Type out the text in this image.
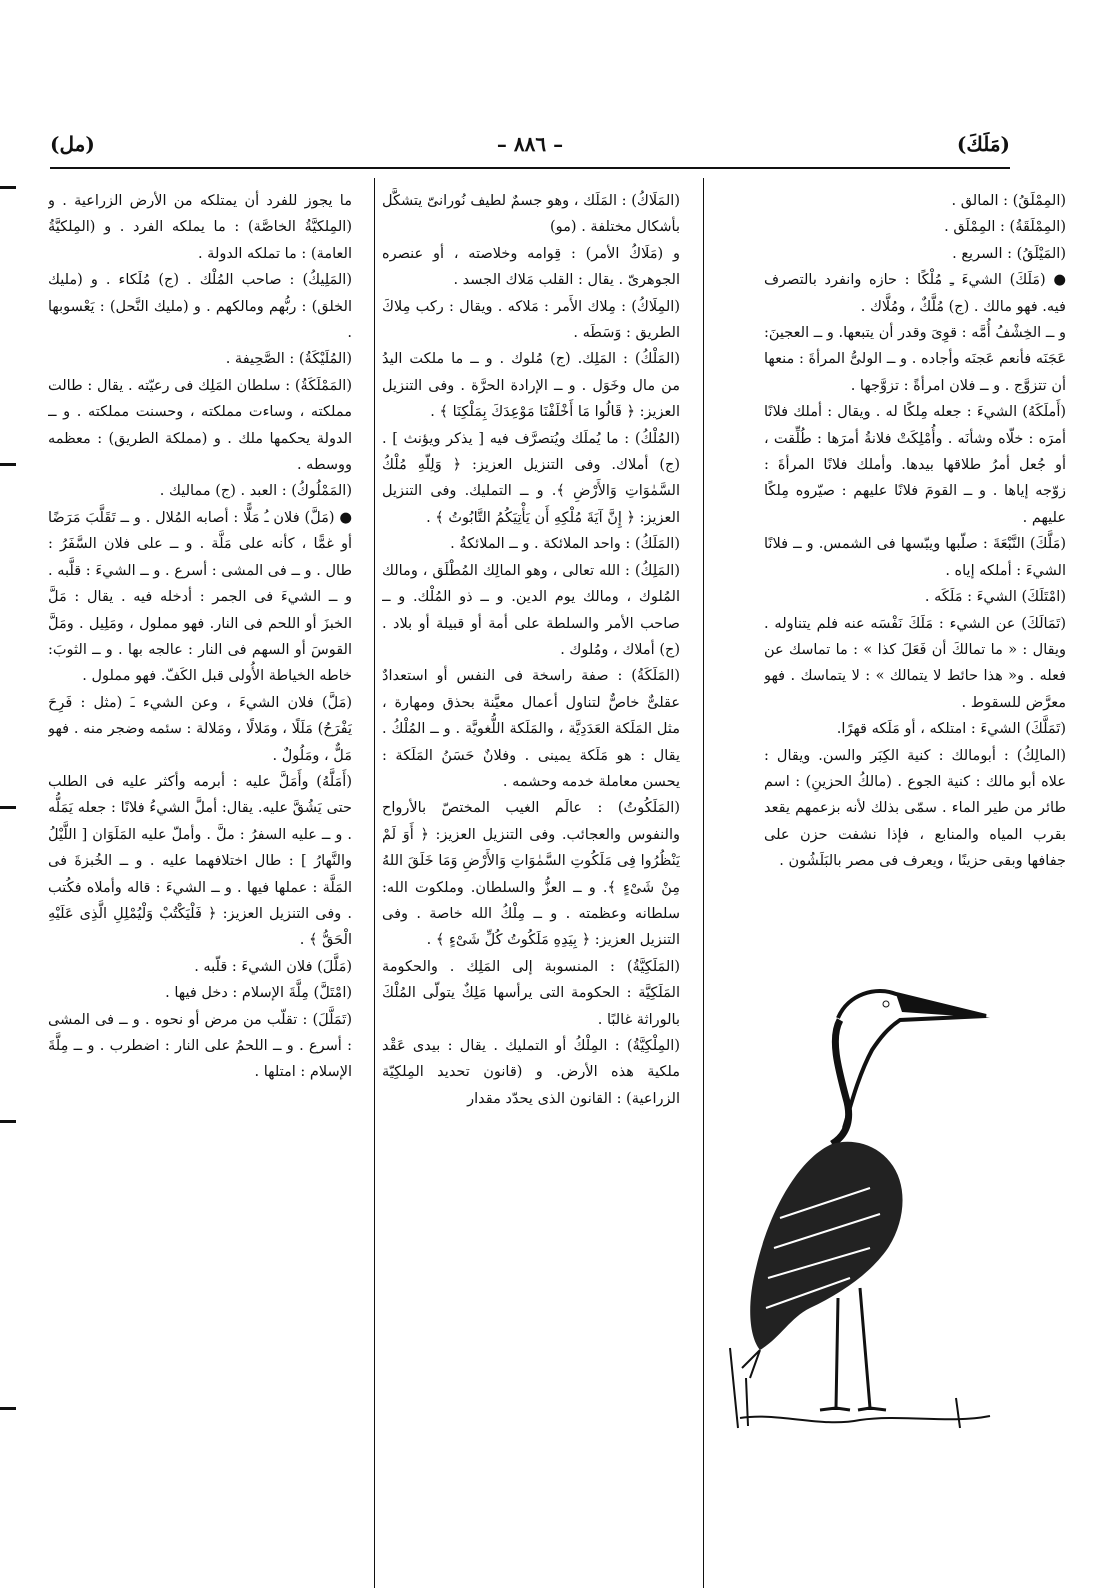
(مَلَكَ)
– ٨٨٦ –
(مل)

(المِمْلَقُ) : المالق .

(المِمْلَقَةُ) : المِمْلَق .

(المَيْلَقُ) : السريع .

● (مَلَكَ) الشيءَ ـِ مُلْكًا : حازه وانفرد بالتصرف فيه. فهو مالك . (ج) مُلَّكٌ ، ومُلَّاك .

و ــ الخِشْفُ أُمَّه : قوِىَ وقدر أن يتبعها. و ــ العجينَ: عَجَنَه فأنعم عَجنَه وأجاده . و ــ الولىُّ المرأةَ : منعها أن تتزوَّج . و ــ فلان امرأةً : تزوَّجها .

(أَملَكَهُ) الشيءَ : جعله مِلكًا له . ويقال : أملك فلانًا أمرَه : خلّاه وشأنَه . وأُمْلِكَتْ فلانةُ أمرَها : طُلِّقت ، أو جُعل أمرُ طلاقها بيدها. وأملك فلانًا المرأةَ : زوّجه إياها . و ــ القومَ فلانًا عليهم : صيّروه مِلكًا عليهم .

(مَلَّكَ) النَّبْعَةَ : صلّبها ويبّسها فى الشمس. و ــ فلانًا الشيءَ : أملكه إياه .

(امْتَلَكَ) الشيءَ : مَلَكَه .

(تَمَالَكَ) عن الشيء : مَلَكَ نَفْسَه عنه فلم يتناوله . ويقال : « ما تمالكَ أن فَعَلَ كذا » : ما تماسك عن فعله . و« هذا حائط لا يتمالك » : لا يتماسك . فهو معرَّض للسقوط .

(تَمَلَّكَ) الشيءَ : امتلكه ، أو مَلَكه قهرًا.

(المالِكُ) : أبومالك : كنية الكِبَر والسن. ويقال : علاه أبو مالك : كنية الجوع . (مالكُ الحزينِ) : اسم طائر من طير الماء . سمّى بذلك لأنه بزعمهم يقعد بقرب المياه والمنابع ، فإذا نشفت حزن على جفافها وبقى حزينًا ، ويعرف فى مصر بالبَلَشُون .

(المَلَاكُ) : المَلَك ، وهو جسمٌ لطيف نُورانىّ يتشكَّل بأشكال مختلفة . (مو)

و (مَلَاكُ الأمر) : قِوامه وخلاصته ، أو عنصره الجوهرىّ . يقال : القلب مَلاك الجسد .

(المِلَاكُ) : مِلاك الأَمر : مَلاكه . ويقال : ركب مِلاكَ الطريق : وَسَطَه .

(المَلْكُ) : المَلِك. (ج) مُلوك . و ــ ما ملكت اليدُ من مال وخَوَل . و ــ الإرادة الحرَّة . وفى التنزيل العزيز: ﴿ قَالُوا مَا أَخْلَفْنَا مَوْعِدَكَ بِمَلْكِنَا ﴾ .

(المُلْكُ) : ما يُملَك ويُتصرَّف فيه [ يذكر ويؤنث ] . (ج) أملاك. وفى التنزيل العزيز: ﴿ وَلِلّهِ مُلْكُ السَّمٰوَاتِ وَالأَرْضِ ﴾. و ــ التمليك. وفى التنزيل العزيز: ﴿ إِنَّ آيَةَ مُلْكِهِ أَن يَأْتِيَكُمُ التَّابُوتُ ﴾ .

(المَلَكُ) : واحد الملائكة . و ــ الملائكةُ .

(المَلِكُ) : الله تعالى ، وهو المالِك المُطْلَق ، ومالك المُلوك ، ومالك يوم الدين. و ــ ذو المُلْك. و ــ صاحب الأمر والسلطة على أمة أو قبيلة أو بلاد . (ج) أملاك ، ومُلوك .

(المَلَكَةُ) : صفة راسخة فى النفس أو استعدادٌ عقلىٌّ خاصٌّ لتناول أعمال معيَّنة بحذق ومهارة ، مثل المَلَكة العَدَدِيَّة ، والمَلَكة اللُّغويَّة . و ــ المُلْكُ . يقال : هو مَلَكة يمينى . وفلانٌ حَسَنُ المَلَكة : يحسن معاملة خدمه وحشمه .

(المَلَكُوتُ) : عالَم الغيب المختصّ بالأرواح والنفوس والعجائب. وفى التنزيل العزيز: ﴿ أَوَ لَمْ يَنْظُرُوا فِى مَلَكُوتِ السَّمٰوَاتِ وَالأَرْضِ وَمَا خَلَقَ اللهُ مِنْ شَىْءٍ ﴾. و ــ العزُّ والسلطان. وملكوت الله: سلطانه وعظمته . و ــ مِلْكُ الله خاصة . وفى التنزيل العزيز: ﴿ بِيَدِهِ مَلَكُوتُ كُلِّ شَىْءٍ ﴾ .

(المَلَكِيَّةُ) : المنسوبة إلى المَلِك . والحكومة المَلَكِيَّة : الحكومة التى يرأسها مَلِكٌ يتولّى المُلْكَ بالوراثة غالبًا .

(المِلْكِيَّةُ) : المِلْكُ أو التمليك . يقال : بيدى عَقْد ملكية هذه الأرض. و (قانون تحديد المِلكِيّة الزراعية) : القانون الذى يحدّد مقدار

ما يجوز للفرد أن يمتلكه من الأرض الزراعية . و (المِلكيَّةُ الخاصَّة) : ما يملكه الفرد . و (المِلكيَّةُ العامة) : ما تملكه الدولة .

(المَلِيكُ) : صاحب المُلْك . (ج) مُلَكاء . و (مليك الخلق) : ربُّهم ومالكهم . و (مليك النَّحل) : يَعْسوبها .

(المُلَيْكَةُ) : الصَّحِيفة .

(المَمْلَكَةُ) : سلطان المَلِك فى رعيّته . يقال : طالت مملكته ، وساءت مملكته ، وحسنت مملكته . و ــ الدولة يحكمها ملك . و (مملكة الطريق) : معظمه ووسطه .

(المَمْلُوكُ) : العبد . (ج) مماليك .

● (مَلَّ) فلان ـُ مَلًّا : أصابه المُلال . و ــ تَقَلَّبَ مَرَضًا أو غمًّا ، كأنه على مَلَّة . و ــ على فلان السَّفَرُ : طال . و ــ فى المشى : أسرع . و ــ الشيءَ : قلَّبه . و ــ الشيءَ فى الجمر : أدخله فيه . يقال : مَلَّ الخبزَ أو اللحم فى النار. فهو مملول ، ومَلِيل . ومَلَّ القوسَ أو السهم فى النار : عالجه بها . و ــ الثوبَ: خاطه الخياطة الأُولى قبل الكَفّ. فهو مملول .

(مَلَّ) فلان الشيءَ ، وعن الشيء ـَ (مثل : فَرِحَ يَفْرَحُ) مَلَلًا ، ومَلالًا ، ومَلالة : سئمه وضجر منه . فهو مَلٌّ ، ومَلُولٌ .

(أَمَلَّهُ) وأَمَلَّ عليه : أبرمه وأكثر عليه فى الطلب حتى يَشُقَّ عليه. يقال: أملَّ الشيءُ فلانًا : جعله يَمَلُّه . و ــ عليه السفرُ : ملَّ . وأملّ عليه المَلَوَان [ اللَّيْلُ والنَّهارُ ] : طال اختلافهما عليه . و ــ الخُبزةَ فى المَلَّة : عملها فيها . و ــ الشيءَ : قاله وأملاه فكُتب . وفى التنزيل العزيز: ﴿ فَلْيَكْتُبْ وَلْيُمْلِلِ الَّذِى عَلَيْهِ الْحَقُّ ﴾ .

(مَلَّلَ) فلان الشيءَ : قلّبه .

(امْتَلَّ) مِلَّةَ الإسلام : دخل فيها .

(تَمَلَّلَ) : تقلّب من مرض أو نحوه . و ــ فى المشى : أسرع . و ــ اللحمُ على النار : اضطرب . و ــ مِلَّةَ الإسلام : امتلها .
